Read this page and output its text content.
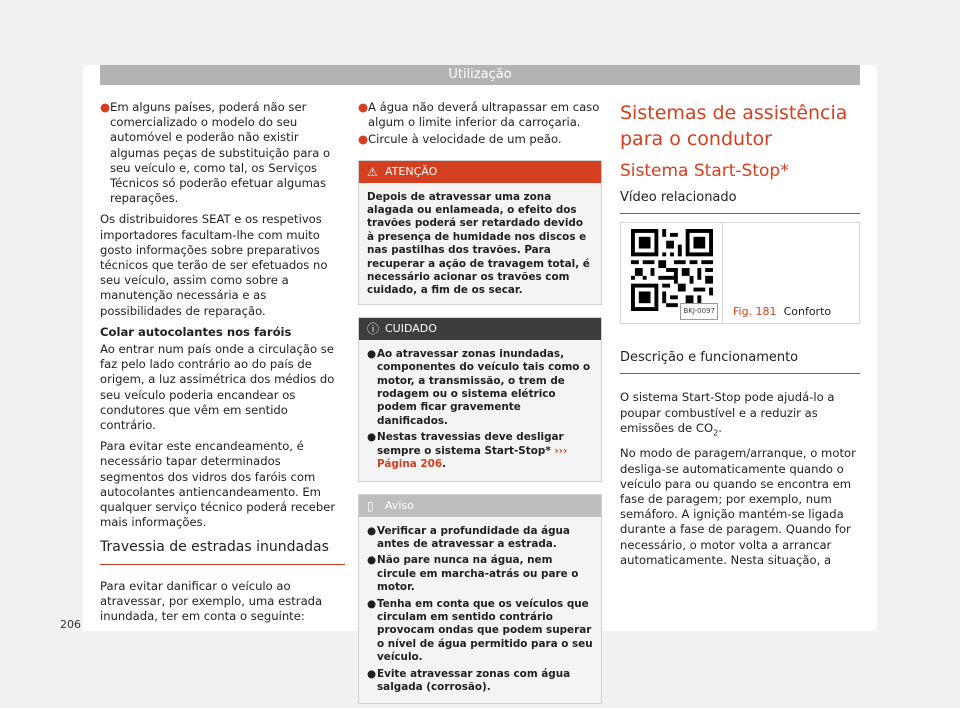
Utilização

● Em alguns países, poderá não ser comercializado o modelo do seu automóvel e poderão não existir algumas peças de substituição para o seu veículo e, como tal, os Serviços Técnicos só poderão efetuar algumas reparações.

Os distribuidores SEAT e os respetivos importadores facultam-lhe com muito gosto informações sobre preparativos técnicos que terão de ser efetuados no seu veículo, assim como sobre a manutenção necessária e as possibilidades de reparação.

Colar autocolantes nos faróis

Ao entrar num país onde a circulação se faz pelo lado contrário ao do país de origem, a luz assimétrica dos médios do seu veículo poderia encandear os condutores que vêm em sentido contrário.

Para evitar este encandeamento, é necessário tapar determinados segmentos dos vidros dos faróis com autocolantes antiencandeamento. Em qualquer serviço técnico poderá receber mais informações.

Travessia de estradas inundadas

Para evitar danificar o veículo ao atravessar, por exemplo, uma estrada inundada, ter em conta o seguinte:

● A água não deverá ultrapassar em caso algum o limite inferior da carroçaria.

● Circule à velocidade de um peão.

⚠ ATENÇÃO
Depois de atravessar uma zona alagada ou enlameada, o efeito dos travões poderá ser retardado devido à presença de humidade nos discos e nas pastilhas dos travões. Para recuperar a ação de travagem total, é necessário acionar os travões com cuidado, a fim de os secar.
ⓘ CUIDADO
● Ao atravessar zonas inundadas, componentes do veículo tais como o motor, a transmissão, o trem de rodagem ou o sistema elétrico podem ficar gravemente danificados.
● Nestas travessias deve desligar sempre o sistema Start-Stop* ››› Página 206.
▯ Aviso
● Verificar a profundidade da água antes de atravessar a estrada.
● Não pare nunca na água, nem circule em marcha-atrás ou pare o motor.
● Tenha em conta que os veículos que circulam em sentido contrário provocam ondas que podem superar o nível de água permitido para o seu veículo.
● Evite atravessar zonas com água salgada (corrosão).
Sistemas de assistência para o condutor
Sistema Start-Stop*
Vídeo relacionado
BKJ-0097 Fig. 181 Conforto
Descrição e funcionamento

O sistema Start-Stop pode ajudá-lo a poupar combustível e a reduzir as emissões de $CO_2$.

No modo de paragem/arranque, o motor desliga-se automaticamente quando o veículo para ou quando se encontra em fase de paragem; por exemplo, num semáforo. A ignição mantém-se ligada durante a fase de paragem. Quando for necessário, o motor volta a arrancar automaticamente. Nesta situação, a

206
